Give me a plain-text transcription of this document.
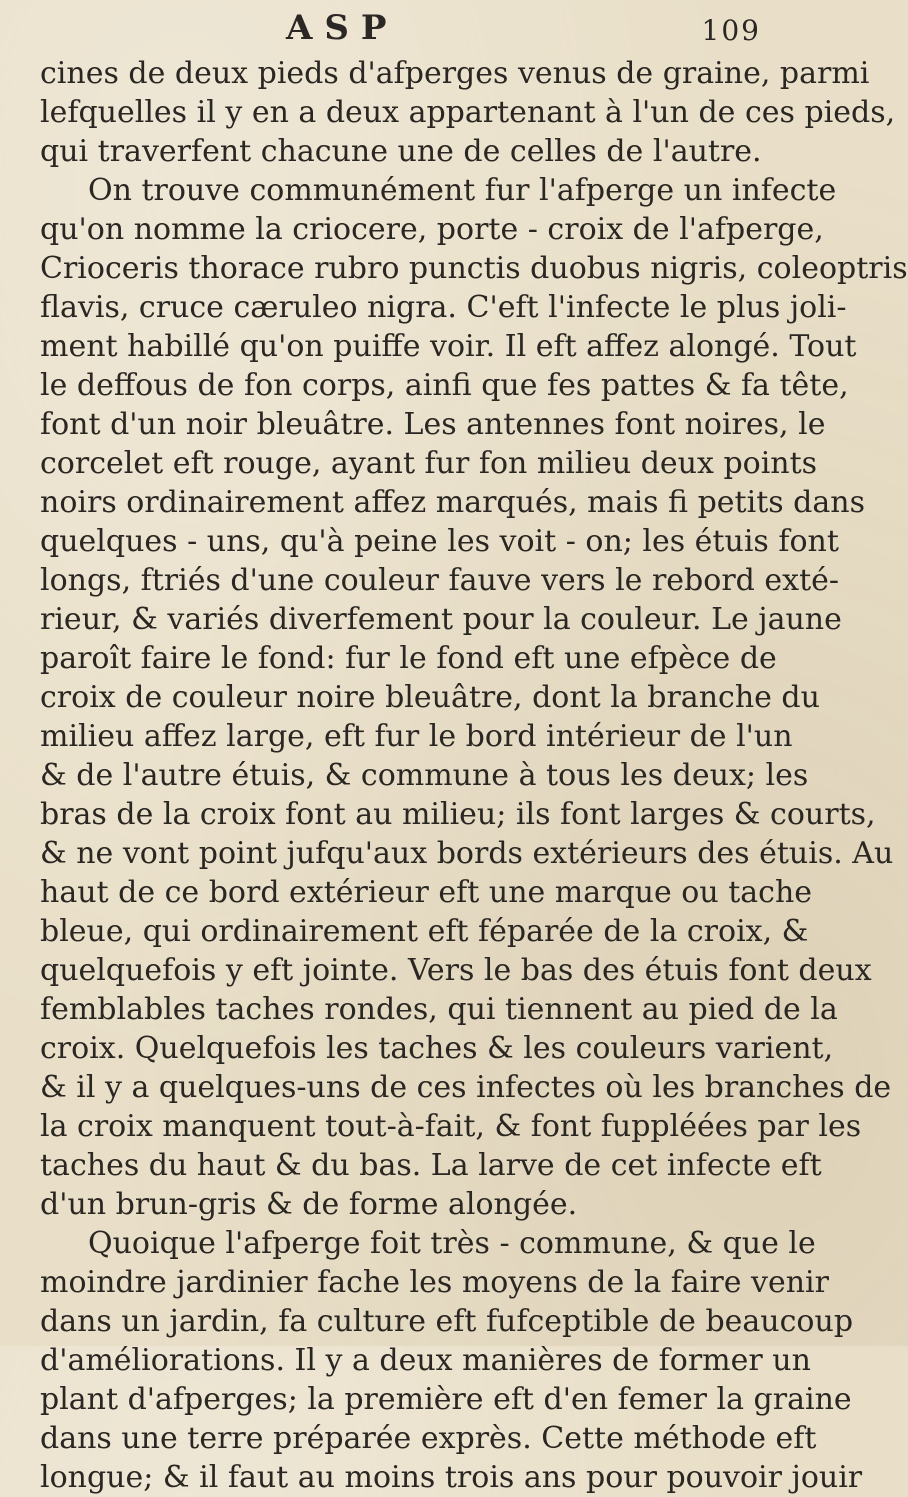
ASP	109
cines de deux pieds d'afperges venus de graine, parmi
lefquelles il y en a deux appartenant à l'un de ces pieds,
qui traverfent chacune une de celles de l'autre.
On trouve communément fur l'afperge un infecte
qu'on nomme la criocere, porte - croix de l'afperge,
Crioceris thorace rubro punctis duobus nigris, coleoptris
flavis, cruce cæruleo nigra. C'eft l'infecte le plus joli-
ment habillé qu'on puiffe voir. Il eft affez alongé. Tout
le deffous de fon corps, ainfi que fes pattes & fa tête,
font d'un noir bleuâtre. Les antennes font noires, le
corcelet eft rouge, ayant fur fon milieu deux points
noirs ordinairement affez marqués, mais fi petits dans
quelques - uns, qu'à peine les voit - on; les étuis font
longs, ftriés d'une couleur fauve vers le rebord exté-
rieur, & variés diverfement pour la couleur. Le jaune
paroît faire le fond: fur le fond eft une efpèce de
croix de couleur noire bleuâtre, dont la branche du
milieu affez large, eft fur le bord intérieur de l'un
& de l'autre étuis, & commune à tous les deux; les
bras de la croix font au milieu; ils font larges & courts,
& ne vont point jufqu'aux bords extérieurs des étuis. Au
haut de ce bord extérieur eft une marque ou tache
bleue, qui ordinairement eft féparée de la croix, &
quelquefois y eft jointe. Vers le bas des étuis font deux
femblables taches rondes, qui tiennent au pied de la
croix. Quelquefois les taches & les couleurs varient,
& il y a quelques-uns de ces infectes où les branches de
la croix manquent tout-à-fait, & font fuppléées par les
taches du haut & du bas. La larve de cet infecte eft
d'un brun-gris & de forme alongée.
Quoique l'afperge foit très - commune, & que le
moindre jardinier fache les moyens de la faire venir
dans un jardin, fa culture eft fufceptible de beaucoup
d'améliorations. Il y a deux manières de former un
plant d'afperges; la première eft d'en femer la graine
dans une terre préparée exprès. Cette méthode eft
longue; & il faut au moins trois ans pour pouvoir jouir
